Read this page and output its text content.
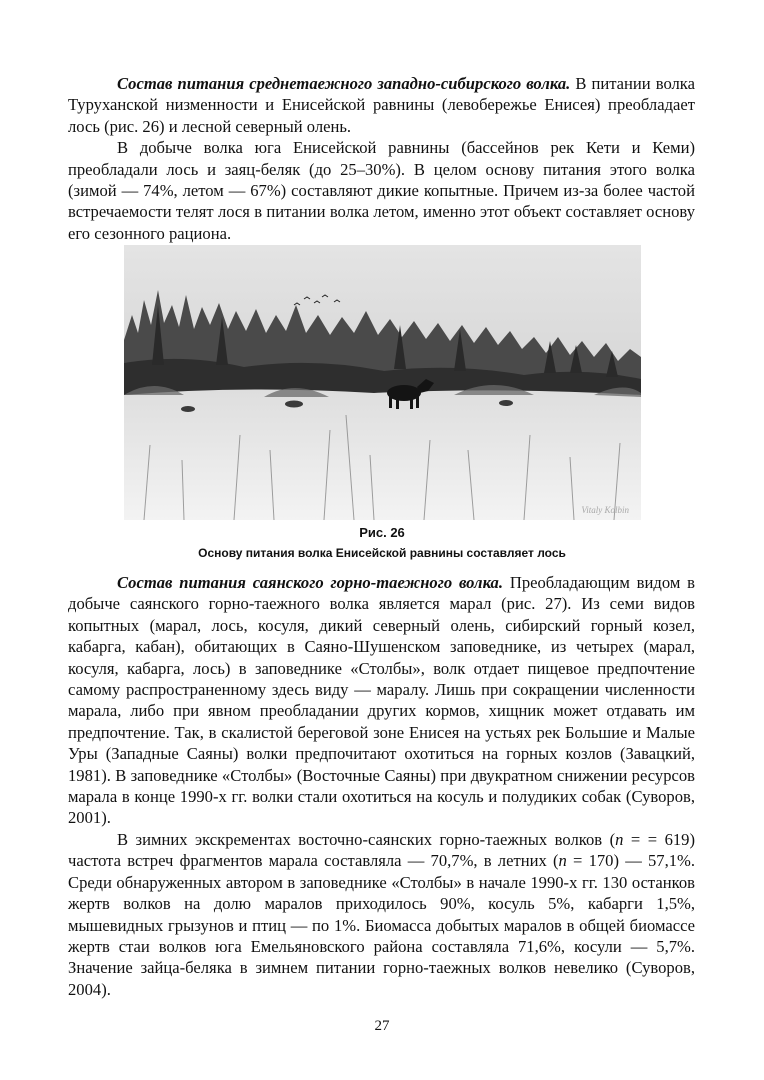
Состав питания среднетаежного западно-сибирского волка. В питании волка Туруханской низменности и Енисейской равнины (левобережье Енисея) преобладает лось (рис. 26) и лесной северный олень.

В добыче волка юга Енисейской равнины (бассейнов рек Кети и Кеми) преобладали лось и заяц-беляк (до 25–30%). В целом основу питания этого волка (зимой — 74%, летом — 67%) составляют дикие копытные. Причем из-за более частой встречаемости телят лося в питании волка летом, именно этот объект составляет основу его сезонного рациона.

Vitaly Kolbin
Рис. 26
Основу питания волка Енисейской равнины составляет лось

Состав питания саянского горно-таежного волка. Преобладающим видом в добыче саянского горно-таежного волка является марал (рис. 27). Из семи видов копытных (марал, лось, косуля, дикий северный олень, сибирский горный козел, кабарга, кабан), обитающих в Саяно-Шушенском заповеднике, из четырех (марал, косуля, кабарга, лось) в заповеднике «Столбы», волк отдает пищевое предпочтение самому распространенному здесь виду — маралу. Лишь при сокращении численности марала, либо при явном преобладании других кормов, хищник может отдавать им предпочтение. Так, в скалистой береговой зоне Енисея на устьях рек Большие и Малые Уры (Западные Саяны) волки предпочитают охотиться на горных козлов (Завацкий, 1981). В заповеднике «Столбы» (Восточные Саяны) при двукратном снижении ресурсов марала в конце 1990-х гг. волки стали охотиться на косуль и полудиких собак (Суворов, 2001).

В зимних экскрементах восточно-саянских горно-таежных волков (n = = 619) частота встреч фрагментов марала составляла — 70,7%, в летних (n = 170) — 57,1%. Среди обнаруженных автором в заповеднике «Столбы» в начале 1990-х гг. 130 останков жертв волков на долю маралов приходилось 90%, косуль 5%, кабарги 1,5%, мышевидных грызунов и птиц — по 1%. Биомасса добытых маралов в общей биомассе жертв стаи волков юга Емельяновского района составляла 71,6%, косули — 5,7%. Значение зайца-беляка в зимнем питании горно-таежных волков невелико (Суворов, 2004).

27
